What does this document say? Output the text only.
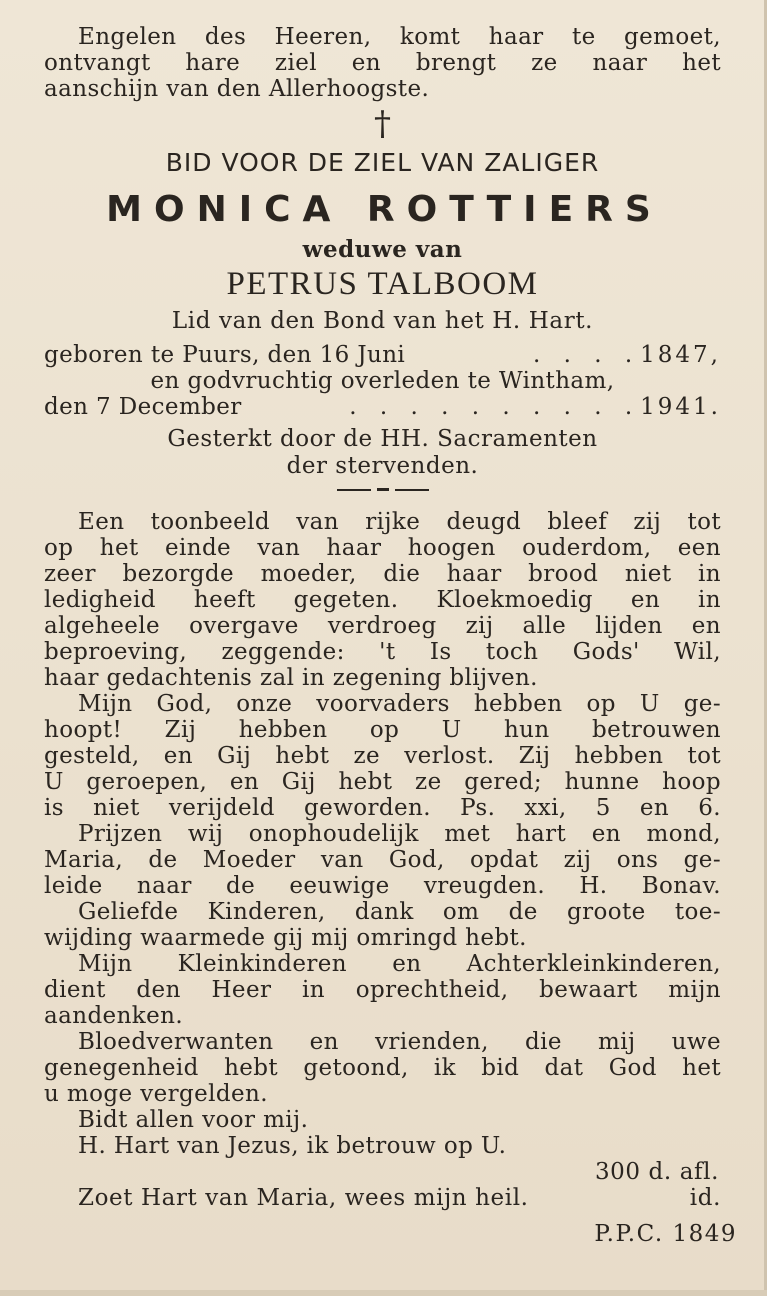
Engelen des Heeren, komt haar te gemoet,

ontvangt hare ziel en brengt ze naar het

aanschijn van den Allerhoogste.

†

BID VOOR DE ZIEL VAN ZALIGER

MONICA ROTTIERS

weduwe van

PETRUS TALBOOM

Lid van den Bond van het H. Hart.

geboren te Puurs, den 16 Juni	. . . . 1847,

en godvruchtig overleden te Wintham,

den 7 December	. . . . . . . . . . 1941.

Gesterkt door de HH. Sacramenten

der stervenden.

Een toonbeeld van rijke deugd bleef zij tot

op het einde van haar hoogen ouderdom, een

zeer bezorgde moeder, die haar brood niet in

ledigheid heeft gegeten. Kloekmoedig en in

algeheele overgave verdroeg zij alle lijden en

beproeving, zeggende: 't Is toch Gods' Wil,

haar gedachtenis zal in zegening blijven.

Mijn God, onze voorvaders hebben op U ge-

hoopt! Zij hebben op U hun betrouwen

gesteld, en Gij hebt ze verlost. Zij hebben tot

U geroepen, en Gij hebt ze gered; hunne hoop

is niet verijdeld geworden. Ps. xxi, 5 en 6.

Prijzen wij onophoudelijk met hart en mond,

Maria, de Moeder van God, opdat zij ons ge-

leide naar de eeuwige vreugden. H. Bonav.

Geliefde Kinderen, dank om de groote toe-

wijding waarmede gij mij omringd hebt.

Mijn Kleinkinderen en Achterkleinkinderen,

dient den Heer in oprechtheid, bewaart mijn

aandenken.

Bloedverwanten en vrienden, die mij uwe

genegenheid hebt getoond, ik bid dat God het

u moge vergelden.

Bidt allen voor mij.

H. Hart van Jezus, ik betrouw op U.

300 d. afl.

Zoet Hart van Maria, wees mijn heil.	id.

P.P.C. 1849
